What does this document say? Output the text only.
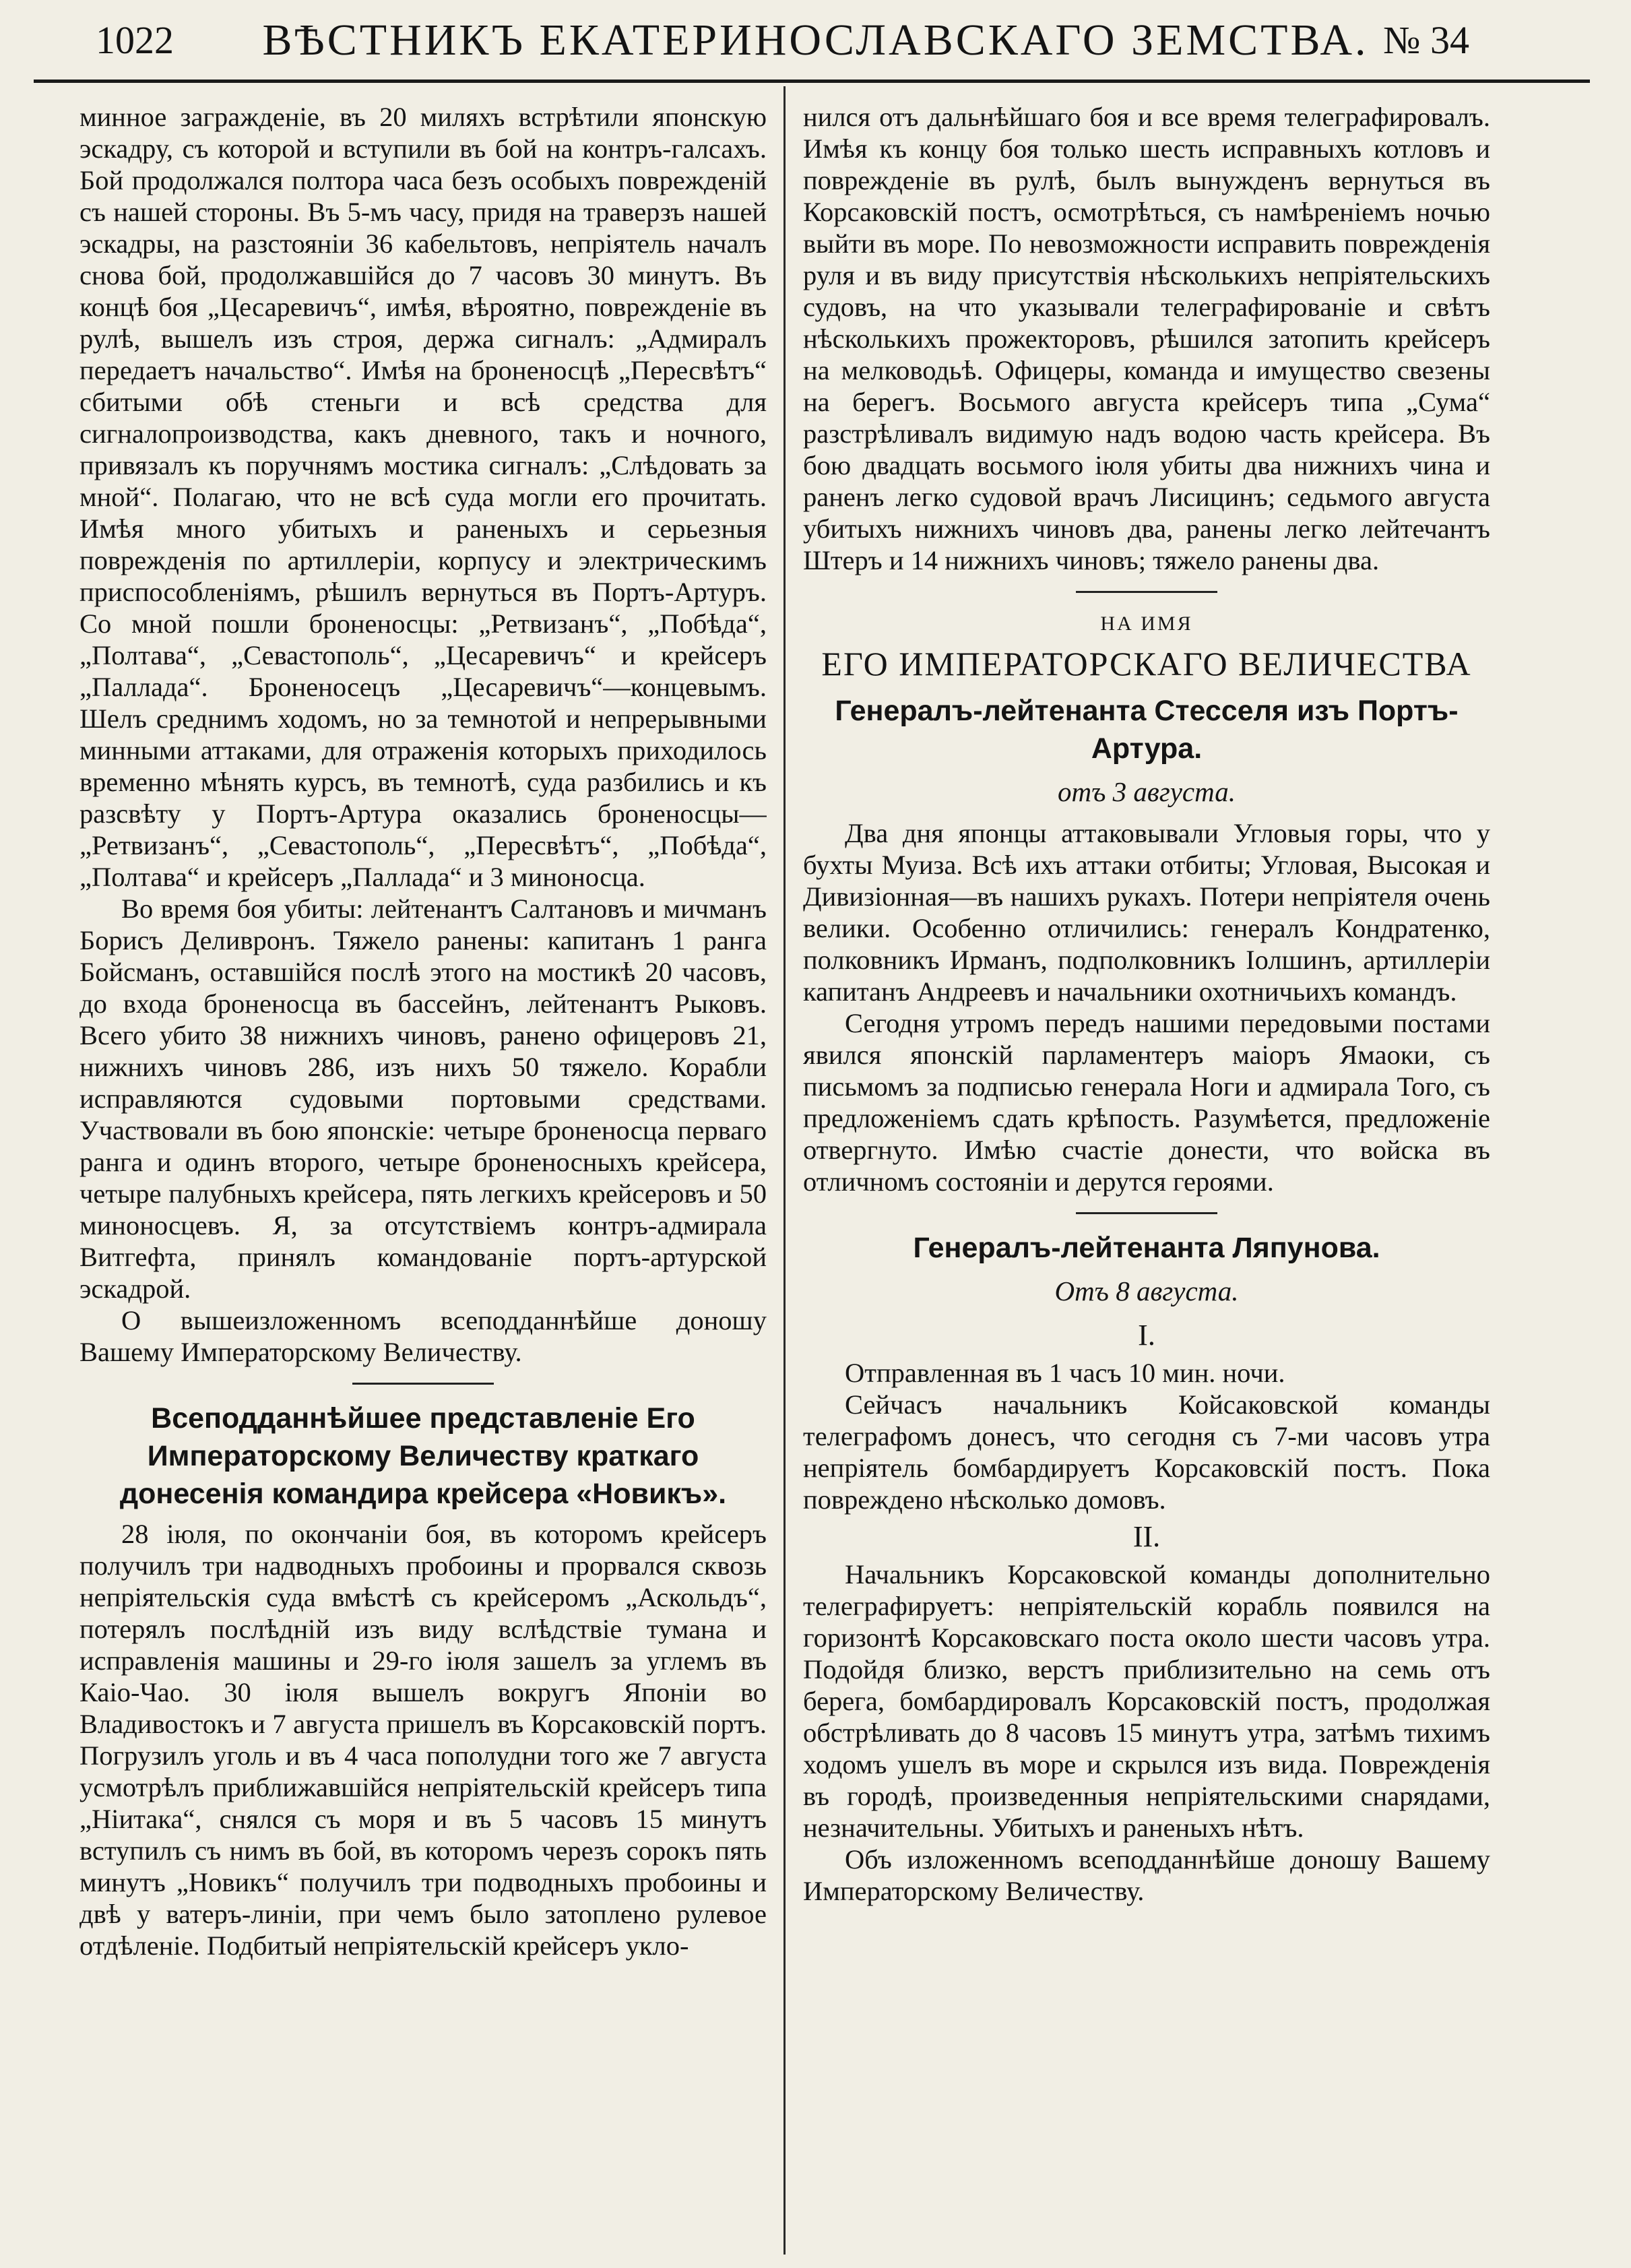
1022	ВѢСТНИКЪ ЕКАТЕРИНОСЛАВСКАГО ЗЕМСТВА. № 34

минное загражденіе, въ 20 миляхъ встрѣтили японскую эскадру, съ которой и вступили въ бой на контръ-галсахъ. Бой продолжался полтора часа безъ особыхъ поврежденій съ нашей стороны. Въ 5-мъ часу, придя на траверзъ нашей эскадры, на разстояніи 36 кабельтовъ, непріятель началъ снова бой, продолжавшійся до 7 часовъ 30 минутъ. Въ концѣ боя „Цесаревичъ“, имѣя, вѣроятно, поврежденіе въ рулѣ, вышелъ изъ строя, держа сигналъ: „Адмиралъ передаетъ начальство“. Имѣя на броненосцѣ „Пересвѣтъ“ сбитыми обѣ стеньги и всѣ средства для сигналопроизводства, какъ дневного, такъ и ночного, привязалъ къ поручнямъ мостика сигналъ: „Слѣдовать за мной“. Полагаю, что не всѣ суда могли его прочитать. Имѣя много убитыхъ и раненыхъ и серьезныя поврежденія по артиллеріи, корпусу и электрическимъ приспособленіямъ, рѣшилъ вернуться въ Портъ-Артуръ. Со мной пошли броненосцы: „Ретвизанъ“, „Побѣда“, „Полтава“, „Севастополь“, „Цесаревичъ“ и крейсеръ „Паллада“. Броненосецъ „Цесаревичъ“—концевымъ. Шелъ среднимъ ходомъ, но за темнотой и непрерывными минными аттаками, для отраженія которыхъ приходилось временно мѣнять курсъ, въ темнотѣ, суда разбились и къ разсвѣту у Портъ-Артура оказались броненосцы—„Ретвизанъ“, „Севастополь“, „Пересвѣтъ“, „Побѣда“, „Полтава“ и крейсеръ „Паллада“ и 3 миноносца.

Во время боя убиты: лейтенантъ Салтановъ и мичманъ Борисъ Деливронъ. Тяжело ранены: капитанъ 1 ранга Бойсманъ, оставшійся послѣ этого на мостикѣ 20 часовъ, до входа броненосца въ бассейнъ, лейтенантъ Рыковъ. Всего убито 38 нижнихъ чиновъ, ранено офицеровъ 21, нижнихъ чиновъ 286, изъ нихъ 50 тяжело. Корабли исправляются судовыми портовыми средствами. Участвовали въ бою японскіе: четыре броненосца перваго ранга и одинъ второго, четыре броненосныхъ крейсера, четыре палубныхъ крейсера, пять легкихъ крейсеровъ и 50 миноносцевъ. Я, за отсутствіемъ контръ-адмирала Витгефта, принялъ командованіе портъ-артурской эскадрой.

О вышеизложенномъ всеподданнѣйше доношу Вашему Императорскому Величеству.

Всеподданнѣйшее представленіе Его Императорскому Величеству краткаго донесенія командира крейсера «Новикъ».

28 іюля, по окончаніи боя, въ которомъ крейсеръ получилъ три надводныхъ пробоины и прорвался сквозь непріятельскія суда вмѣстѣ съ крейсеромъ „Аскольдъ“, потерялъ послѣдній изъ виду вслѣдствіе тумана и исправленія машины и 29-го іюля зашелъ за углемъ въ Каіо-Чао. 30 іюля вышелъ вокругъ Японіи во Владивостокъ и 7 августа пришелъ въ Корсаковскій портъ. Погрузилъ уголь и въ 4 часа пополудни того же 7 августа усмотрѣлъ приближавшійся непріятельскій крейсеръ типа „Ніитака“, снялся съ моря и въ 5 часовъ 15 минутъ вступилъ съ нимъ въ бой, въ которомъ черезъ сорокъ пять минутъ „Новикъ“ получилъ три подводныхъ пробоины и двѣ у ватеръ-линіи, при чемъ было затоплено рулевое отдѣленіе. Подбитый непріятельскій крейсеръ укло-

нился отъ дальнѣйшаго боя и все время телеграфировалъ. Имѣя къ концу боя только шесть исправныхъ котловъ и поврежденіе въ рулѣ, былъ вынужденъ вернуться въ Корсаковскій постъ, осмотрѣться, съ намѣреніемъ ночью выйти въ море. По невозможности исправить поврежденія руля и въ виду присутствія нѣсколькихъ непріятельскихъ судовъ, на что указывали телеграфированіе и свѣтъ нѣсколькихъ прожекторовъ, рѣшился затопить крейсеръ на мелководьѣ. Офицеры, команда и имущество свезены на берегъ. Восьмого августа крейсеръ типа „Сума“ разстрѣливалъ видимую надъ водою часть крейсера. Въ бою двадцать восьмого іюля убиты два нижнихъ чина и раненъ легко судовой врачъ Лисицинъ; седьмого августа убитыхъ нижнихъ чиновъ два, ранены легко лейтечантъ Штеръ и 14 нижнихъ чиновъ; тяжело ранены два.

НА ИМЯ
ЕГО ИМПЕРАТОРСКАГО ВЕЛИЧЕСТВА
Генералъ-лейтенанта Стесселя изъ Портъ-Артура.
отъ 3 августа.

Два дня японцы аттаковывали Угловыя горы, что у бухты Муиза. Всѣ ихъ аттаки отбиты; Угловая, Высокая и Дивизіонная—въ нашихъ рукахъ. Потери непріятеля очень велики. Особенно отличились: генералъ Кондратенко, полковникъ Ирманъ, подполковникъ Іолшинъ, артиллеріи капитанъ Андреевъ и начальники охотничьихъ командъ.

Сегодня утромъ передъ нашими передовыми постами явился японскій парламентеръ маіоръ Ямаоки, съ письмомъ за подписью генерала Ноги и адмирала Того, съ предложеніемъ сдать крѣпость. Разумѣется, предложеніе отвергнуто. Имѣю счастіе донести, что войска въ отличномъ состояніи и дерутся героями.

Генералъ-лейтенанта Ляпунова.
Отъ 8 августа.
I.

Отправленная въ 1 часъ 10 мин. ночи.

Сейчасъ начальникъ Койсаковской команды телеграфомъ донесъ, что сегодня съ 7-ми часовъ утра непріятель бомбардируетъ Корсаковскій постъ. Пока повреждено нѣсколько домовъ.

II.

Начальникъ Корсаковской команды дополнительно телеграфируетъ: непріятельскій корабль появился на горизонтѣ Корсаковскаго поста около шести часовъ утра. Подойдя близко, верстъ приблизительно на семь отъ берега, бомбардировалъ Корсаковскій постъ, продолжая обстрѣливать до 8 часовъ 15 минутъ утра, затѣмъ тихимъ ходомъ ушелъ въ море и скрылся изъ вида. Поврежденія въ городѣ, произведенныя непріятельскими снарядами, незначительны. Убитыхъ и раненыхъ нѣтъ.

Объ изложенномъ всеподданнѣйше доношу Вашему Императорскому Величеству.
